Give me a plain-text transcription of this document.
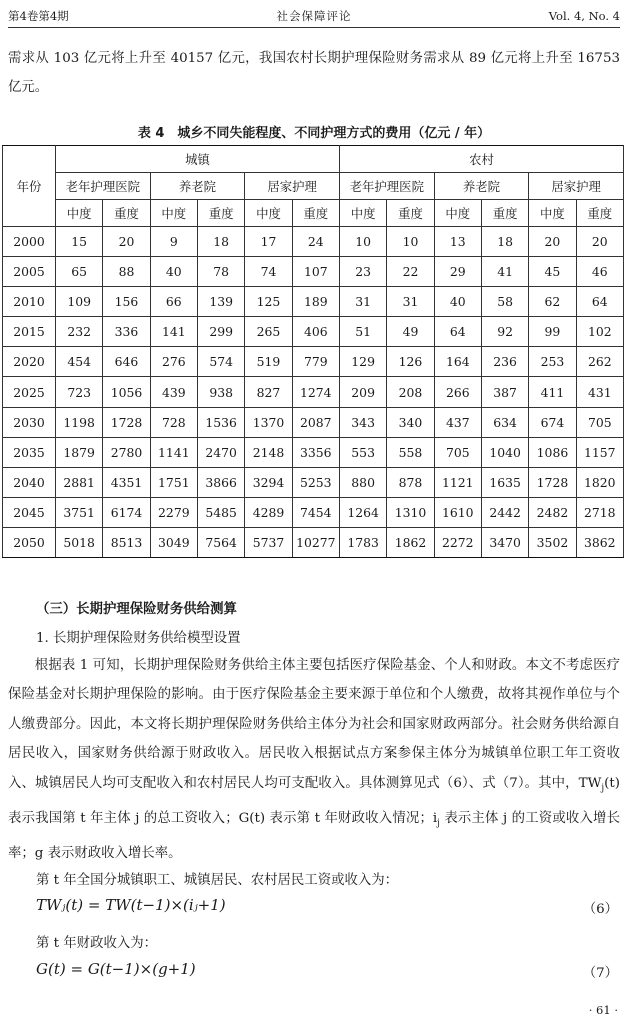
第4卷第4期	社会保障评论	Vol. 4, No. 4

需求从 103 亿元将上升至 40157 亿元，我国农村长期护理保险财务需求从 89 亿元将上升至 16753 亿元。

表 4　城乡不同失能程度、不同护理方式的费用（亿元 / 年）
年份	城镇						农村					
	老年护理医院		养老院		居家护理		老年护理医院		养老院		居家护理	
	中度	重度	中度	重度	中度	重度	中度	重度	中度	重度	中度	重度
2000	15	20	9	18	17	24	10	10	13	18	20	20
2005	65	88	40	78	74	107	23	22	29	41	45	46
2010	109	156	66	139	125	189	31	31	40	58	62	64
2015	232	336	141	299	265	406	51	49	64	92	99	102
2020	454	646	276	574	519	779	129	126	164	236	253	262
2025	723	1056	439	938	827	1274	209	208	266	387	411	431
2030	1198	1728	728	1536	1370	2087	343	340	437	634	674	705
2035	1879	2780	1141	2470	2148	3356	553	558	705	1040	1086	1157
2040	2881	4351	1751	3866	3294	5253	880	878	1121	1635	1728	1820
2045	3751	6174	2279	5485	4289	7454	1264	1310	1610	2442	2482	2718
2050	5018	8513	3049	7564	5737	10277	1783	1862	2272	3470	3502	3862
（三）长期护理保险财务供给测算
1. 长期护理保险财务供给模型设置

根据表 1 可知，长期护理保险财务供给主体主要包括医疗保险基金、个人和财政。本文不考虑医疗保险基金对长期护理保险的影响。由于医疗保险基金主要来源于单位和个人缴费，故将其视作单位与个人缴费部分。因此，本文将长期护理保险财务供给主体分为社会和国家财政两部分。社会财务供给源自居民收入，国家财务供给源于财政收入。居民收入根据试点方案参保主体分为城镇单位职工年工资收入、城镇居民人均可支配收入和农村居民人均可支配收入。具体测算见式（6）、式（7）。其中，$TW_j(t)$ 表示我国第 t 年主体 j 的总工资收入；G(t) 表示第 t 年财政收入情况；$i_j$ 表示主体 j 的工资或收入增长率；g 表示财政收入增长率。

第 t 年全国分城镇职工、城镇居民、农村居民工资或收入为：
TWⱼ(t) = TW(t−1)×(iⱼ+1)	（6）
第 t 年财政收入为：
G(t) = G(t−1)×(g+1)	（7）
· 61 ·
